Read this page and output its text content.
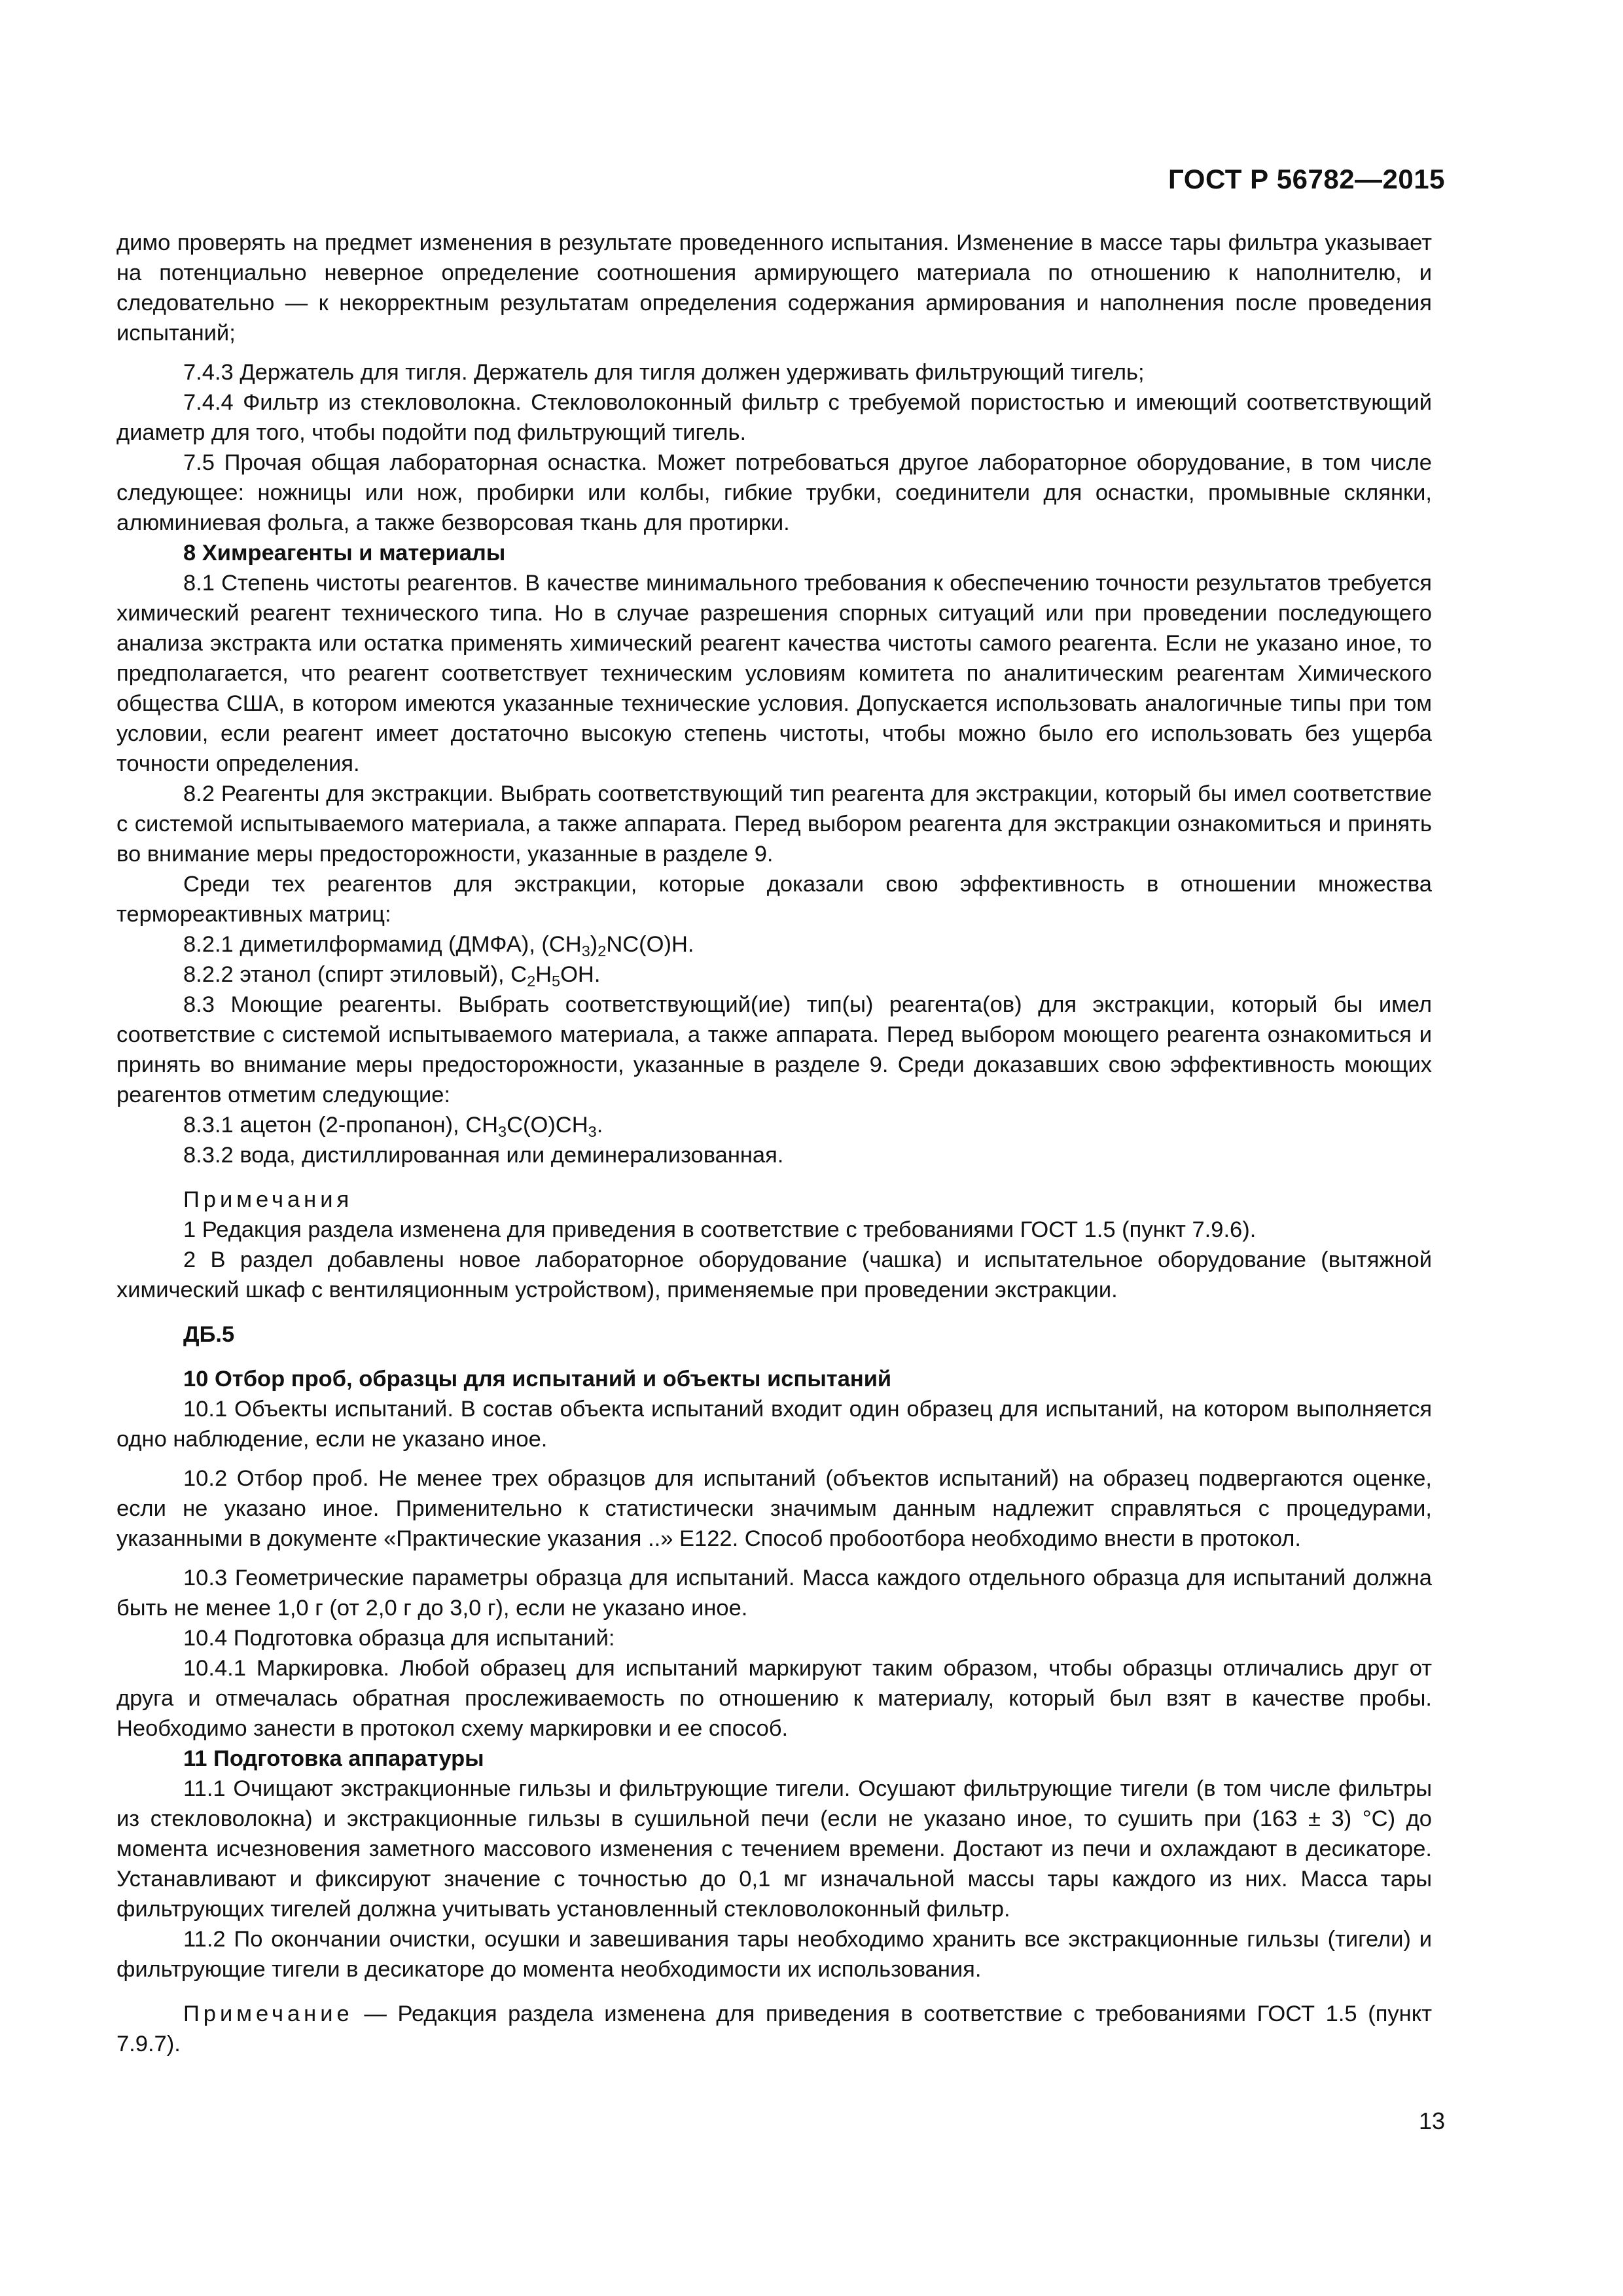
ГОСТ Р 56782—2015

димо проверять на предмет изменения в результате проведенного испытания. Изменение в массе тары фильтра указывает на потенциально неверное определение соотношения армирующего материала по отношению к наполнителю, и следовательно — к некорректным результатам определения содержания армирования и наполнения после проведения испытаний;

7.4.3 Держатель для тигля. Держатель для тигля должен удерживать фильтрующий тигель;

7.4.4 Фильтр из стекловолокна. Стекловолоконный фильтр с требуемой пористостью и имеющий соответствующий диаметр для того, чтобы подойти под фильтрующий тигель.

7.5 Прочая общая лабораторная оснастка. Может потребоваться другое лабораторное оборудование, в том числе следующее: ножницы или нож, пробирки или колбы, гибкие трубки, соединители для оснастки, промывные склянки, алюминиевая фольга, а также безворсовая ткань для протирки.

8 Химреагенты и материалы

8.1 Степень чистоты реагентов. В качестве минимального требования к обеспечению точности результатов требуется химический реагент технического типа. Но в случае разрешения спорных ситуаций или при проведении последующего анализа экстракта или остатка применять химический реагент качества чистоты самого реагента. Если не указано иное, то предполагается, что реагент соответствует техническим условиям комитета по аналитическим реагентам Химического общества США, в котором имеются указанные технические условия. Допускается использовать аналогичные типы при том условии, если реагент имеет достаточно высокую степень чистоты, чтобы можно было его использовать без ущерба точности определения.

8.2 Реагенты для экстракции. Выбрать соответствующий тип реагента для экстракции, который бы имел соответствие с системой испытываемого материала, а также аппарата. Перед выбором реагента для экстракции ознакомиться и принять во внимание меры предосторожности, указанные в разделе 9.

Среди тех реагентов для экстракции, которые доказали свою эффективность в отношении множества термореактивных матриц:

8.2.1 диметилформамид (ДМФА), $(CH_3)_2NC(O)H$.

8.2.2 этанол (спирт этиловый), $C_2H_5OH$.

8.3 Моющие реагенты. Выбрать соответствующий(ие) тип(ы) реагента(ов) для экстракции, который бы имел соответствие с системой испытываемого материала, а также аппарата. Перед выбором моющего реагента ознакомиться и принять во внимание меры предосторожности, указанные в разделе 9. Среди доказавших свою эффективность моющих реагентов отметим следующие:

8.3.1 ацетон (2-пропанон), $CH_3C(O)CH_3$.

8.3.2 вода, дистиллированная или деминерализованная.

Примечания

1 Редакция раздела изменена для приведения в соответствие с требованиями ГОСТ 1.5 (пункт 7.9.6).

2 В раздел добавлены новое лабораторное оборудование (чашка) и испытательное оборудование (вытяжной химический шкаф с вентиляционным устройством), применяемые при проведении экстракции.

ДБ.5

10 Отбор проб, образцы для испытаний и объекты испытаний

10.1 Объекты испытаний. В состав объекта испытаний входит один образец для испытаний, на котором выполняется одно наблюдение, если не указано иное.

10.2 Отбор проб. Не менее трех образцов для испытаний (объектов испытаний) на образец подвергаются оценке, если не указано иное. Применительно к статистически значимым данным надлежит справляться с процедурами, указанными в документе «Практические указания ..» E122. Способ пробоотбора необходимо внести в протокол.

10.3 Геометрические параметры образца для испытаний. Масса каждого отдельного образца для испытаний должна быть не менее 1,0 г (от 2,0 г до 3,0 г), если не указано иное.

10.4 Подготовка образца для испытаний:

10.4.1 Маркировка. Любой образец для испытаний маркируют таким образом, чтобы образцы отличались друг от друга и отмечалась обратная прослеживаемость по отношению к материалу, который был взят в качестве пробы. Необходимо занести в протокол схему маркировки и ее способ.

11 Подготовка аппаратуры

11.1 Очищают экстракционные гильзы и фильтрующие тигели. Осушают фильтрующие тигели (в том числе фильтры из стекловолокна) и экстракционные гильзы в сушильной печи (если не указано иное, то сушить при (163 ± 3) °C) до момента исчезновения заметного массового изменения с течением времени. Достают из печи и охлаждают в десикаторе. Устанавливают и фиксируют значение с точностью до 0,1 мг изначальной массы тары каждого из них. Масса тары фильтрующих тигелей должна учитывать установленный стекловолоконный фильтр.

11.2 По окончании очистки, осушки и завешивания тары необходимо хранить все экстракционные гильзы (тигели) и фильтрующие тигели в десикаторе до момента необходимости их использования.

Примечание — Редакция раздела изменена для приведения в соответствие с требованиями ГОСТ 1.5 (пункт 7.9.7).

13
